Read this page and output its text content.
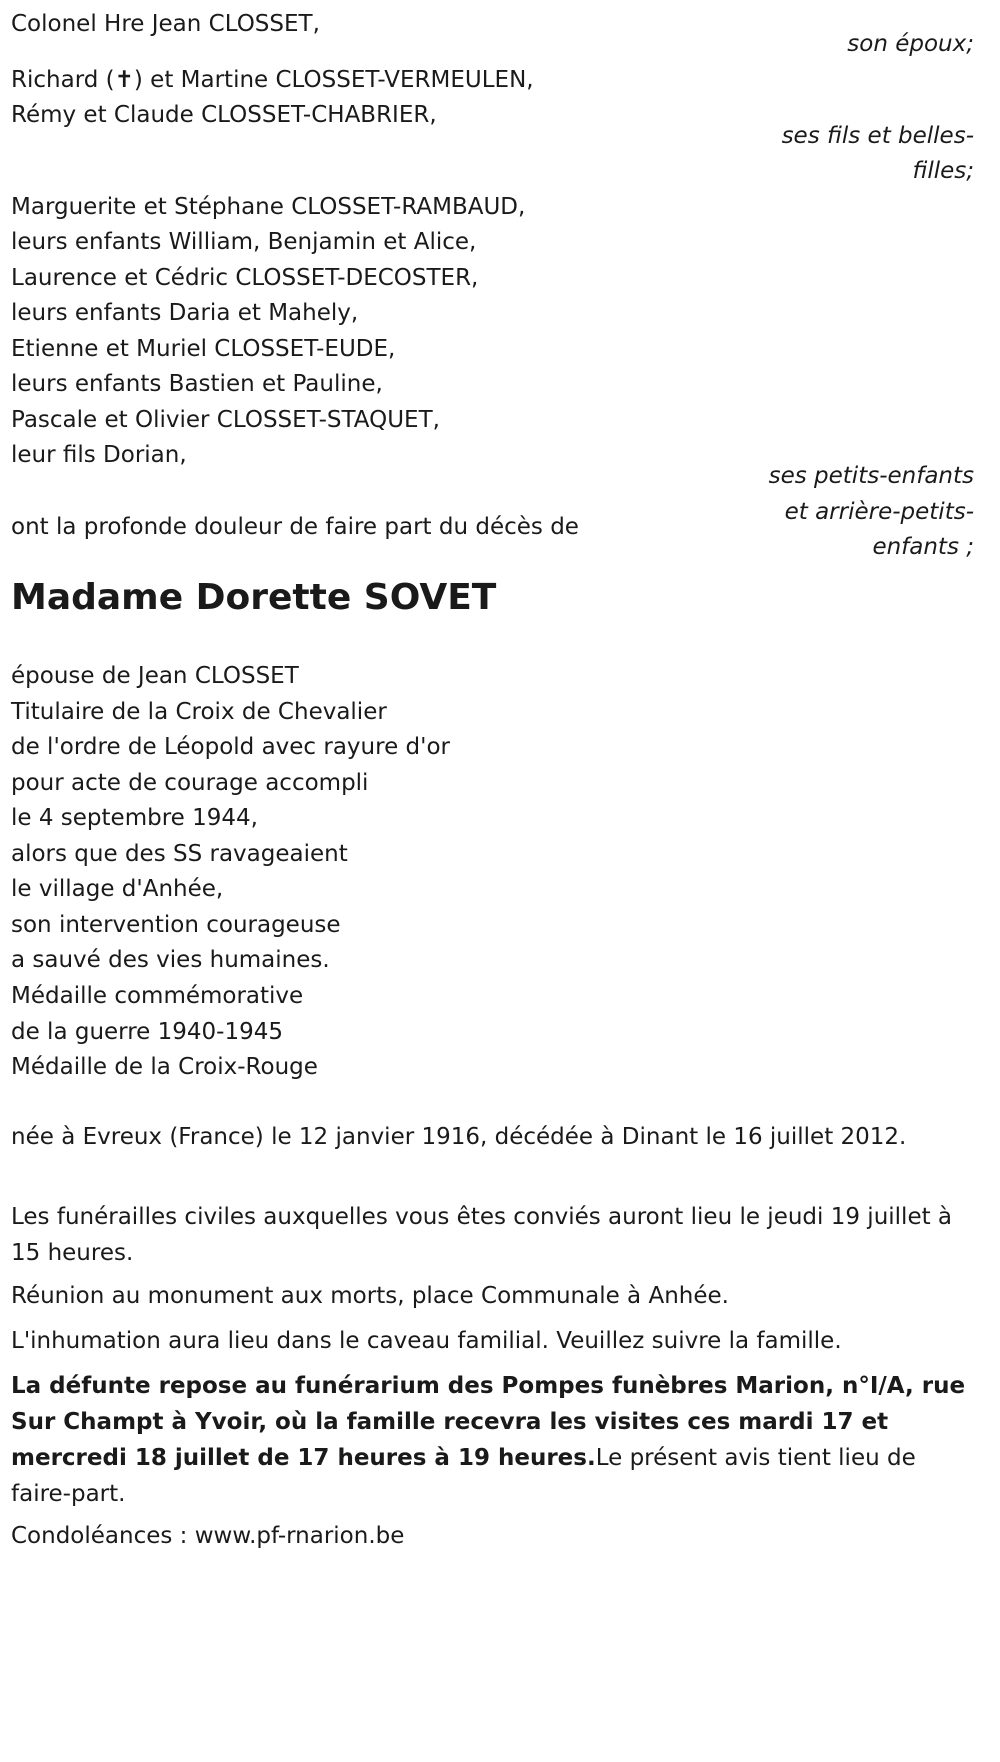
Colonel Hre Jean CLOSSET,
son époux;
Richard (✝) et Martine CLOSSET-VERMEULEN,
Rémy et Claude CLOSSET-CHABRIER,
ses fils et belles-
filles;
Marguerite et Stéphane CLOSSET-RAMBAUD,
leurs enfants William, Benjamin et Alice,
Laurence et Cédric CLOSSET-DECOSTER,
leurs enfants Daria et Mahely,
Etienne et Muriel CLOSSET-EUDE,
leurs enfants Bastien et Pauline,
Pascale et Olivier CLOSSET-STAQUET,
leur fils Dorian,
ses petits-enfants
et arrière-petits-
enfants ;
ont la profonde douleur de faire part du décès de
Madame Dorette SOVET
épouse de Jean CLOSSET
Titulaire de la Croix de Chevalier
de l'ordre de Léopold avec rayure d'or
pour acte de courage accompli
le 4 septembre 1944,
alors que des SS ravageaient
le village d'Anhée,
son intervention courageuse
a sauvé des vies humaines.
Médaille commémorative
de la guerre 1940-1945
Médaille de la Croix-Rouge
née à Evreux (France) le 12 janvier 1916, décédée à Dinant le 16 juillet 2012.
Les funérailles civiles auxquelles vous êtes conviés auront lieu le jeudi 19 juillet à 15 heures.
Réunion au monument aux morts, place Communale à Anhée.
L'inhumation aura lieu dans le caveau familial. Veuillez suivre la famille.
La défunte repose au funérarium des Pompes funèbres Marion, n°I/A, rue Sur Champt à Yvoir, où la famille recevra les visites ces mardi 17 et mercredi 18 juillet de 17 heures à 19 heures.Le présent avis tient lieu de faire-part.
Condoléances : www.pf-rnarion.be
